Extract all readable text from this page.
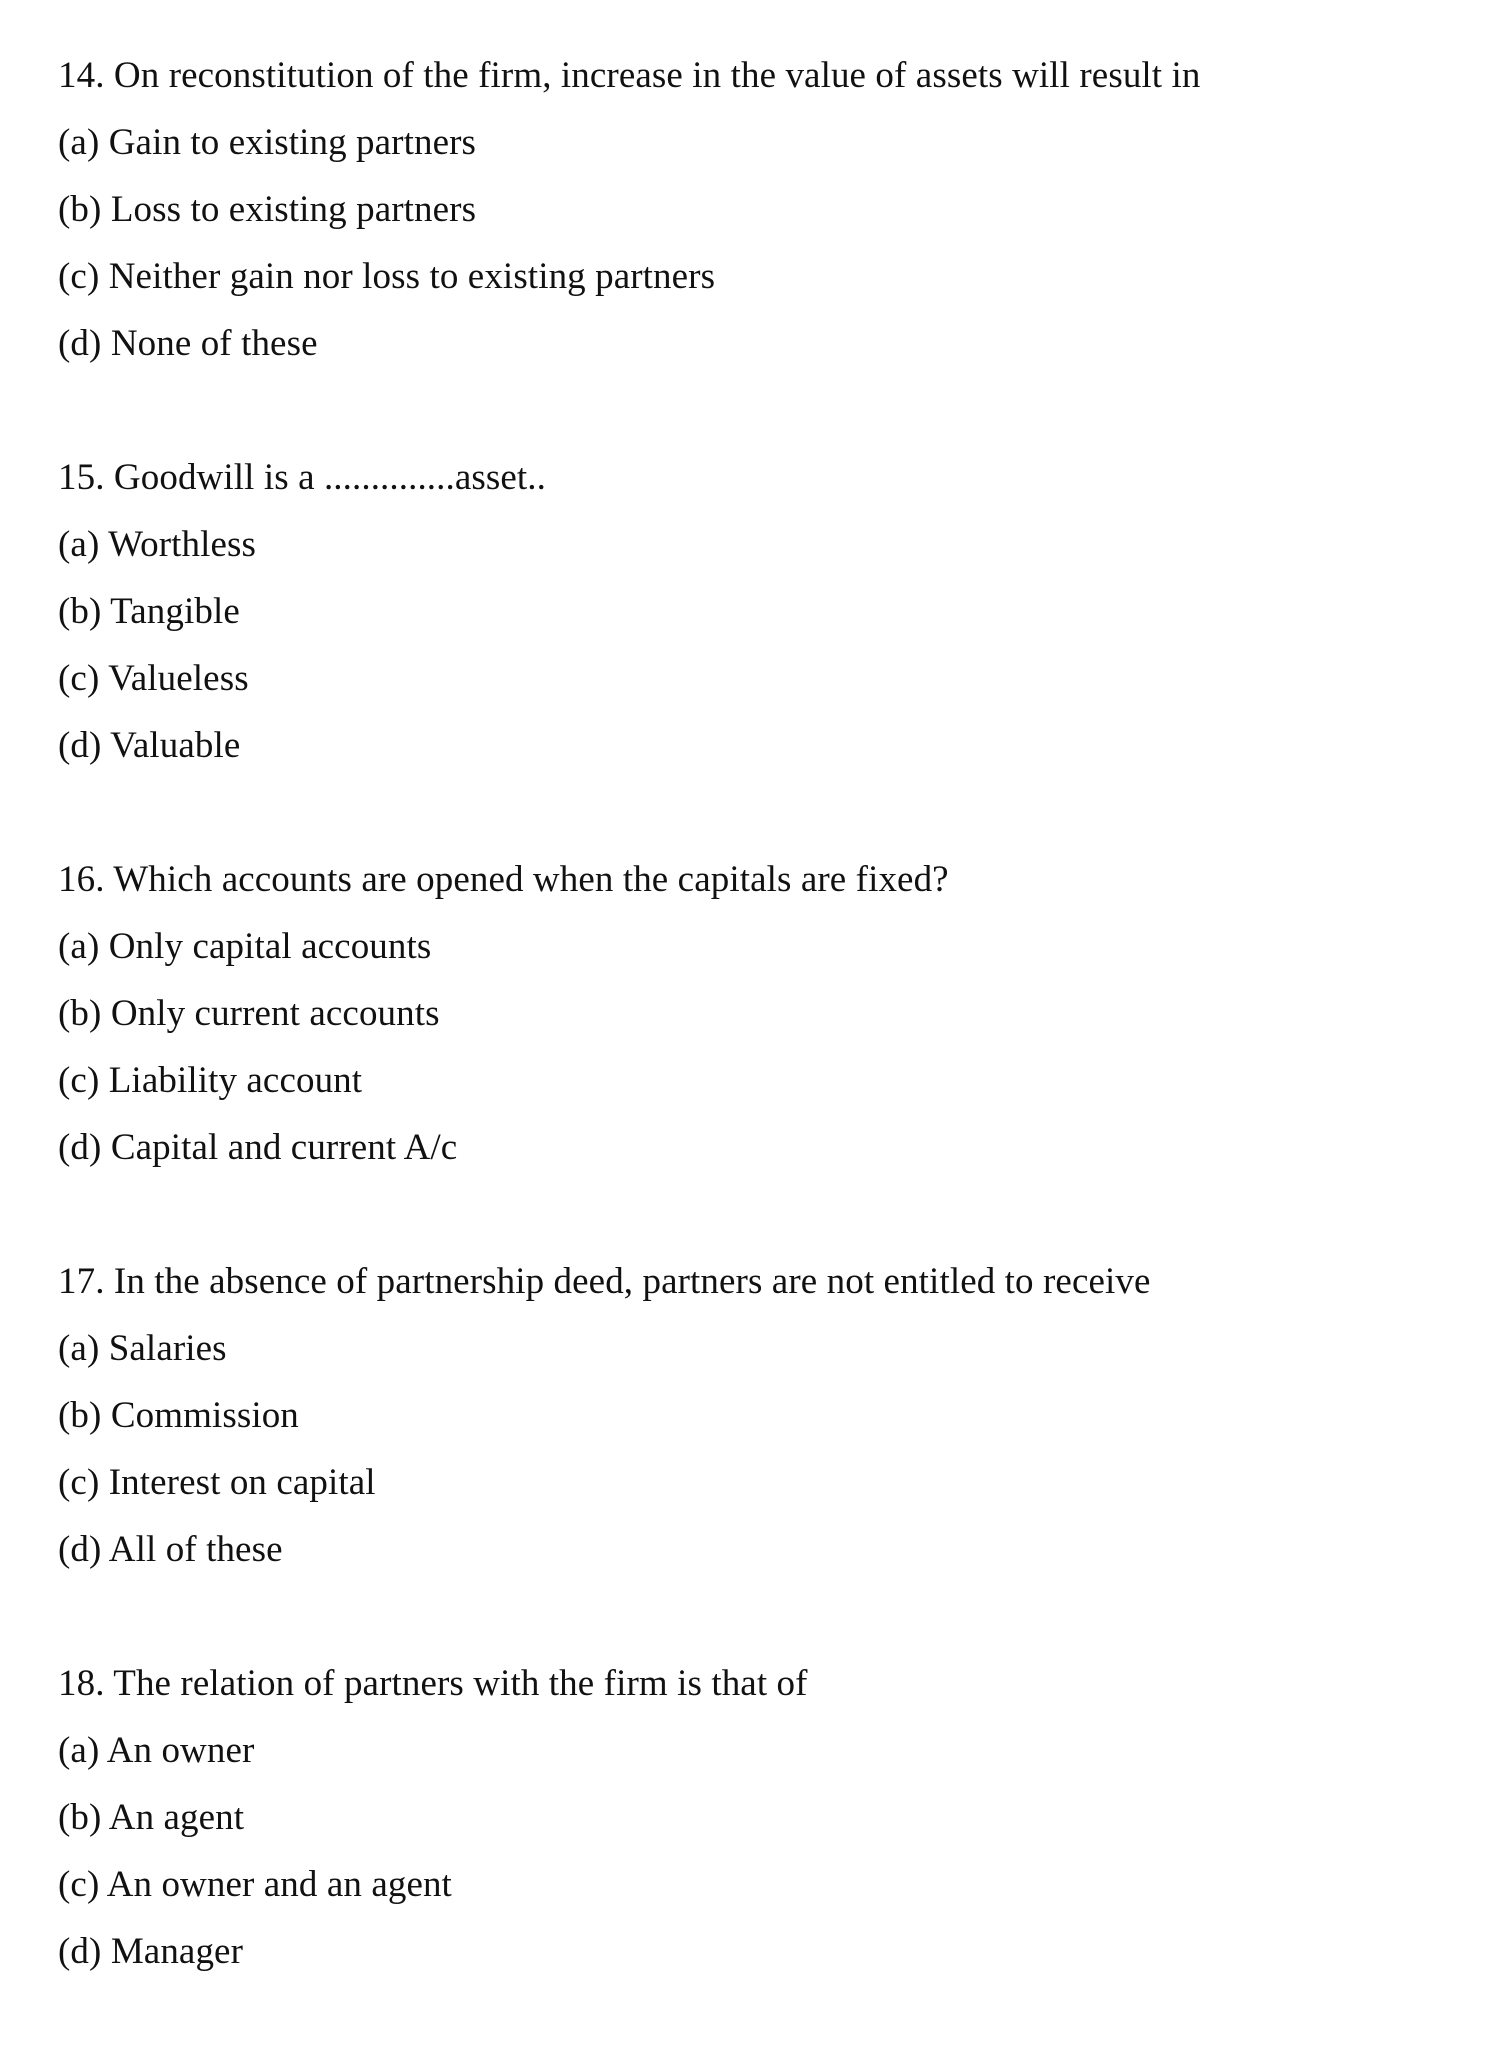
14. On reconstitution of the firm, increase in the value of assets will result in
(a) Gain to existing partners
(b) Loss to existing partners
(c) Neither gain nor loss to existing partners
(d) None of these
15. Goodwill is a ..............asset..
(a) Worthless
(b) Tangible
(c) Valueless
(d) Valuable
16. Which accounts are opened when the capitals are fixed?
(a) Only capital accounts
(b) Only current accounts
(c) Liability account
(d) Capital and current A/c
17. In the absence of partnership deed, partners are not entitled to receive
(a) Salaries
(b) Commission
(c) Interest on capital
(d) All of these
18. The relation of partners with the firm is that of
(a) An owner
(b) An agent
(c) An owner and an agent
(d) Manager
